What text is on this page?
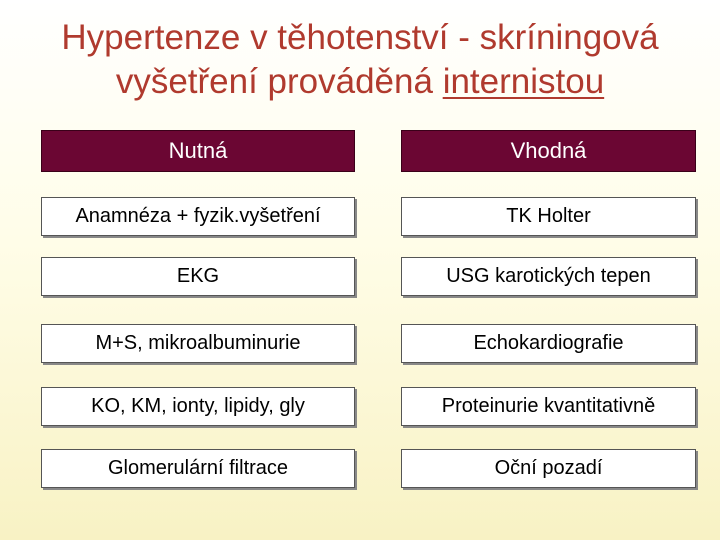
Hypertenze v těhotenství - skríningová
vyšetření prováděná internistou
Nutná	Vhodná
Anamnéza + fyzik.vyšetření	TK Holter
EKG	USG karotických tepen
M+S, mikroalbuminurie	Echokardiografie
KO, KM, ionty, lipidy, gly	Proteinurie kvantitativně
Glomerulární filtrace	Oční pozadí
